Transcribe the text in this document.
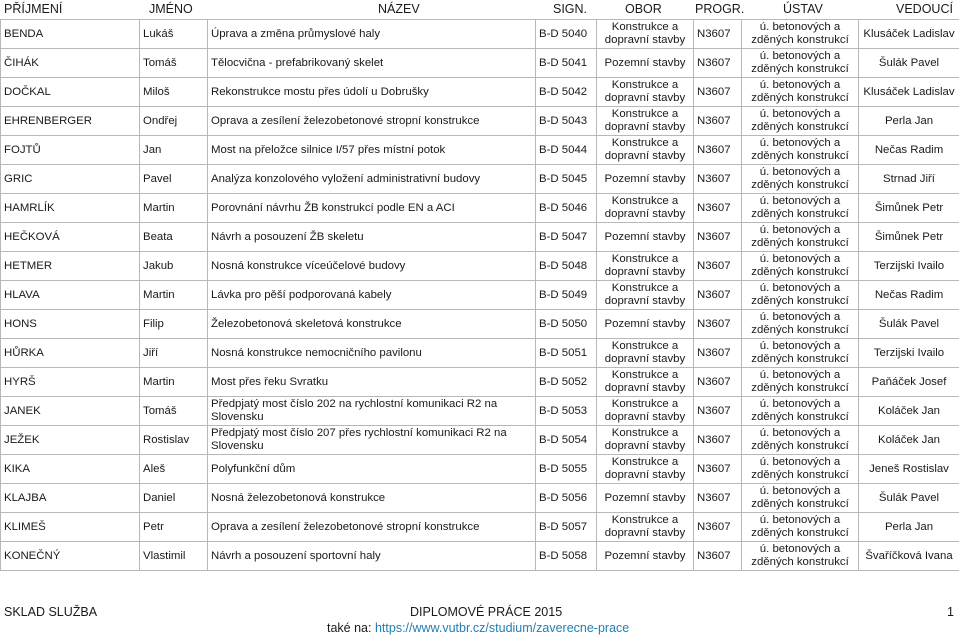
PŘÍJMENÍ	JMÉNO	NÁZEV	SIGN.	OBOR	PROGR.	ÚSTAV	VEDOUCÍ
BENDA	Lukáš	Úprava a změna průmyslové haly	B-D 5040	Konstrukce a dopravní stavby	N3607	ú. betonových a zděných konstrukcí	Klusáček Ladislav
ČIHÁK	Tomáš	Tělocvična - prefabrikovaný skelet	B-D 5041	Pozemní stavby	N3607	ú. betonových a zděných konstrukcí	Šulák Pavel
DOČKAL	Miloš	Rekonstrukce mostu přes údolí u Dobrušky	B-D 5042	Konstrukce a dopravní stavby	N3607	ú. betonových a zděných konstrukcí	Klusáček Ladislav
EHRENBERGER	Ondřej	Oprava a zesílení železobetonové stropní konstrukce	B-D 5043	Konstrukce a dopravní stavby	N3607	ú. betonových a zděných konstrukcí	Perla Jan
FOJTŮ	Jan	Most na přeložce silnice I/57 přes místní potok	B-D 5044	Konstrukce a dopravní stavby	N3607	ú. betonových a zděných konstrukcí	Nečas Radim
GRIC	Pavel	Analýza konzolového vyložení administrativní budovy	B-D 5045	Pozemní stavby	N3607	ú. betonových a zděných konstrukcí	Strnad Jiří
HAMRLÍK	Martin	Porovnání návrhu ŽB konstrukcí podle EN a ACI	B-D 5046	Konstrukce a dopravní stavby	N3607	ú. betonových a zděných konstrukcí	Šimůnek Petr
HEČKOVÁ	Beata	Návrh a posouzení ŽB skeletu	B-D 5047	Pozemní stavby	N3607	ú. betonových a zděných konstrukcí	Šimůnek Petr
HETMER	Jakub	Nosná konstrukce víceúčelové budovy	B-D 5048	Konstrukce a dopravní stavby	N3607	ú. betonových a zděných konstrukcí	Terzijski Ivailo
HLAVA	Martin	Lávka pro pěší podporovaná kabely	B-D 5049	Konstrukce a dopravní stavby	N3607	ú. betonových a zděných konstrukcí	Nečas Radim
HONS	Filip	Železobetonová skeletová konstrukce	B-D 5050	Pozemní stavby	N3607	ú. betonových a zděných konstrukcí	Šulák Pavel
HŮRKA	Jiří	Nosná konstrukce nemocničního pavilonu	B-D 5051	Konstrukce a dopravní stavby	N3607	ú. betonových a zděných konstrukcí	Terzijski Ivailo
HYRŠ	Martin	Most přes řeku Svratku	B-D 5052	Konstrukce a dopravní stavby	N3607	ú. betonových a zděných konstrukcí	Paňáček Josef
JANEK	Tomáš	Předpjatý most číslo 202 na rychlostní komunikaci R2 na Slovensku	B-D 5053	Konstrukce a dopravní stavby	N3607	ú. betonových a zděných konstrukcí	Koláček Jan
JEŽEK	Rostislav	Předpjatý most číslo 207 přes rychlostní komunikaci R2 na Slovensku	B-D 5054	Konstrukce a dopravní stavby	N3607	ú. betonových a zděných konstrukcí	Koláček Jan
KIKA	Aleš	Polyfunkční dům	B-D 5055	Konstrukce a dopravní stavby	N3607	ú. betonových a zděných konstrukcí	Jeneš Rostislav
KLAJBA	Daniel	Nosná železobetonová konstrukce	B-D 5056	Pozemní stavby	N3607	ú. betonových a zděných konstrukcí	Šulák Pavel
KLIMEŠ	Petr	Oprava a zesílení železobetonové stropní konstrukce	B-D 5057	Konstrukce a dopravní stavby	N3607	ú. betonových a zděných konstrukcí	Perla Jan
KONEČNÝ	Vlastimil	Návrh a posouzení sportovní haly	B-D 5058	Pozemní stavby	N3607	ú. betonových a zděných konstrukcí	Švaříčková Ivana
SKLAD SLUŽBA	DIPLOMOVÉ PRÁCE 2015	1
také na: https://www.vutbr.cz/studium/zaverecne-prace
